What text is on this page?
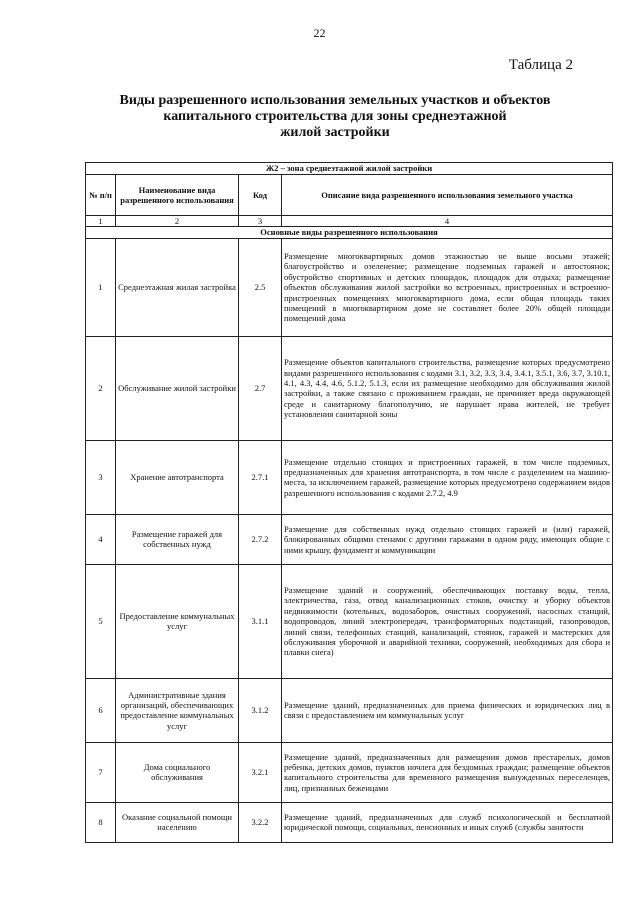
22
Таблица 2
Виды разрешенного использования земельных участков и объектов
капитального строительства для зоны среднеэтажной
жилой застройки
Ж2 – зона среднеэтажной жилой застройки			
№ п/п	Наименование вида разрешенного использования	Код	Описание вида разрешенного использования земельного участка
1	2	3	4
Основные виды разрешенного использования			
1	Среднеэтажная жилая застройка	2.5	Размещение многоквартирных домов этажностью не выше восьми этажей; благоустройство и озеленение; размещение подземных гаражей и автостоянок; обустройство спортивных и детских площадок, площадок для отдыха; размещение объектов обслуживания жилой застройки во встроенных, пристроенных и встроенно-пристроенных помещениях многоквартирного дома, если общая площадь таких помещений в многоквартирном доме не составляет более 20% общей площади помещений дома
2	Обслуживание жилой застройки	2.7	Размещение объектов капитального строительства, размещение которых предусмотрено видами разрешенного использования с кодами 3.1, 3.2, 3.3, 3.4, 3.4.1, 3.5.1, 3.6, 3.7, 3.10.1, 4.1, 4.3, 4.4, 4.6, 5.1.2, 5.1.3, если их размещение необходимо для обслуживания жилой застройки, а также связано с проживанием граждан, не причиняет вреда окружающей среде и санитарному благополучию, не нарушает права жителей, не требует установления санитарной зоны
3	Хранение автотранспорта	2.7.1	Размещение отдельно стоящих и пристроенных гаражей, в том числе подземных, предназначенных для хранения автотранспорта, в том числе с разделением на машино-места, за исключением гаражей, размещение которых предусмотрено содержанием видов разрешенного использования с кодами 2.7.2, 4.9
4	Размещение гаражей для собственных нужд	2.7.2	Размещение для собственных нужд отдельно стоящих гаражей и (или) гаражей, блокированных общими стенами с другими гаражами в одном ряду, имеющих общие с ними крышу, фундамент и коммуникации
5	Предоставление коммунальных услуг	3.1.1	Размещение зданий и сооружений, обеспечивающих поставку воды, тепла, электричества, газа, отвод канализационных стоков, очистку и уборку объектов недвижимости (котельных, водозаборов, очистных сооружений, насосных станций, водопроводов, линий электропередач, трансформаторных подстанций, газопроводов, линий связи, телефонных станций, канализаций, стоянок, гаражей и мастерских для обслуживания уборочной и аварийной техники, сооружений, необходимых для сбора и плавки снега)
6	Административные здания организаций, обеспечивающих предоставление коммунальных услуг	3.1.2	Размещение зданий, предназначенных для приема физических и юридических лиц в связи с предоставлением им коммунальных услуг
7	Дома социального обслуживания	3.2.1	Размещение зданий, предназначенных для размещения домов престарелых, домов ребенка, детских домов, пунктов ночлега для бездомных граждан; размещение объектов капитального строительства для временного размещения вынужденных переселенцев, лиц, признанных беженцами
8	Оказание социальной помощи населению	3.2.2	Размещение зданий, предназначенных для служб психологической и бесплатной юридической помощи, социальных, пенсионных и иных служб (службы занятости
